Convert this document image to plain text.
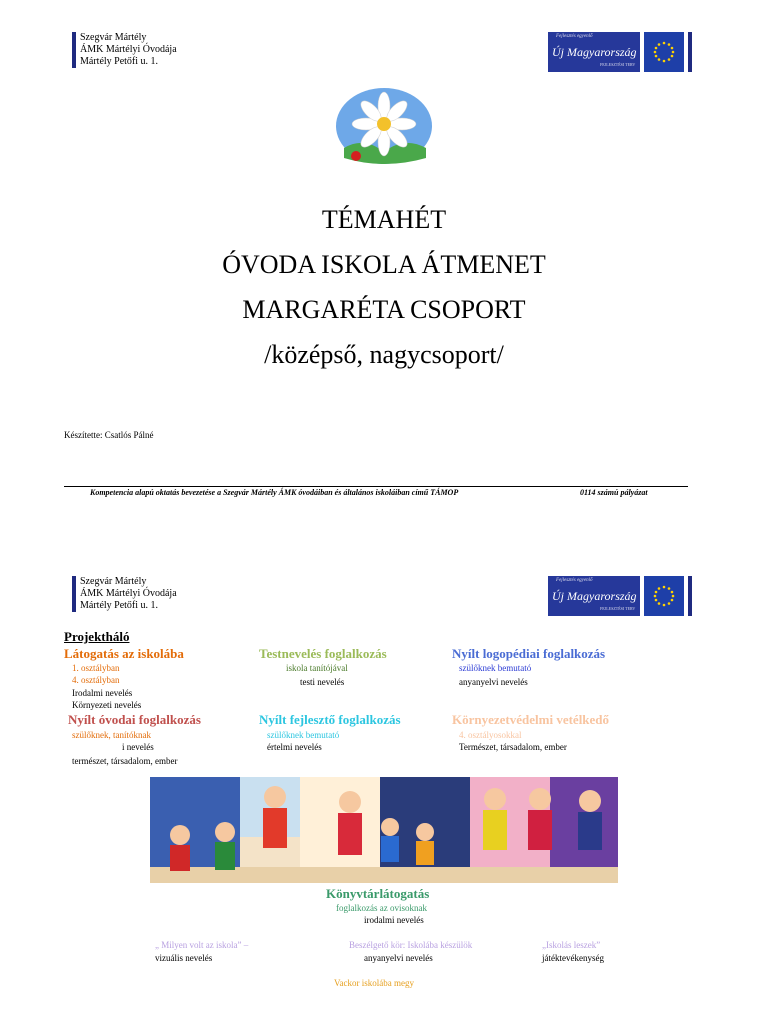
Szegvár Mártély
ÁMK Mártélyi Óvodája
Mártély Petőfi u. 1.
Fejlesztés egyenlő
Új Magyarország
FEJLESZTÉSI TERV
TÉMAHÉT
ÓVODA ISKOLA ÁTMENET
MARGARÉTA CSOPORT
/középső, nagycsoport/
Készítette: Csatlós Pálné
Kompetencia alapú oktatás bevezetése a Szegvár Mártély ÁMK óvodáiban és általános iskoláiban című TÁMOP	0114 számú pályázat
Szegvár Mártély
ÁMK Mártélyi Óvodája
Mártély Petőfi u. 1.
Fejlesztés egyenlő
Új Magyarország
FEJLESZTÉSI TERV
Projektháló
Látogatás az iskolába
1. osztályban
4. osztályban
Irodalmi nevelés
Környezeti nevelés
Nyílt óvodai foglalkozás
szülőknek, tanítóknak
i nevelés
természet, társadalom, ember
Testnevelés foglalkozás
iskola tanítójával
testi nevelés
Nyílt fejlesztő foglalkozás
szülőknek bemutató
értelmi nevelés
Nyílt logopédiai foglalkozás
szülőknek bemutató
anyanyelvi nevelés
Környezetvédelmi vetélkedő
4. osztályosokkal
Természet, társadalom, ember
Könyvtárlátogatás
foglalkozás az ovisoknak
irodalmi nevelés
„ Milyen volt az iskola” –
vizuális nevelés
Beszélgető kör: Iskolába készülök
anyanyelvi nevelés
„Iskolás leszek”
játéktevékenység
Vackor iskolába megy
